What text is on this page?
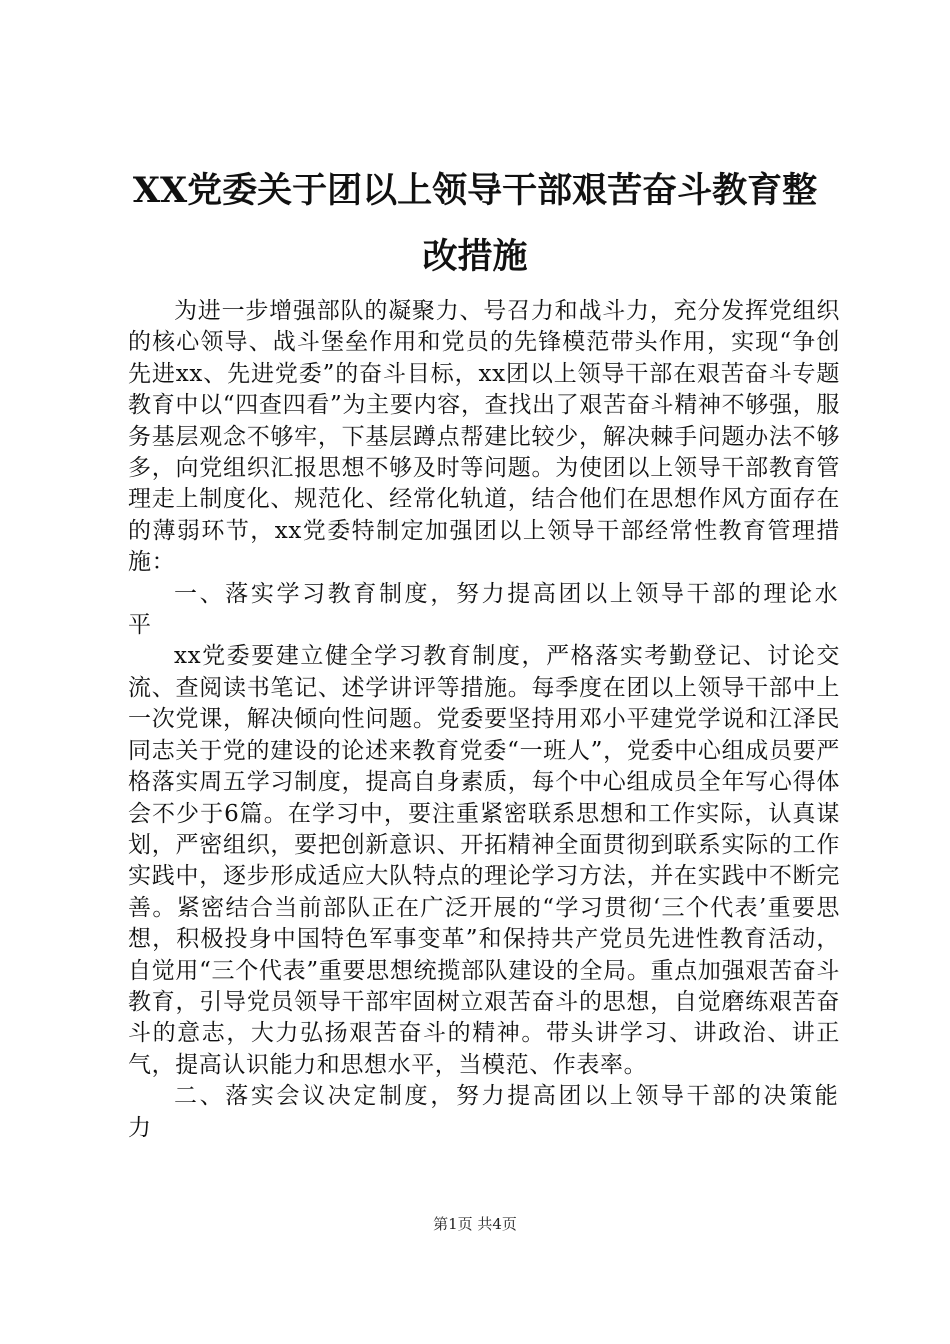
XX党委关于团以上领导干部艰苦奋斗教育整改措施

为进一步增强部队的凝聚力、号召力和战斗力，充分发挥党组织的核心领导、战斗堡垒作用和党员的先锋模范带头作用，实现“争创先进xx、先进党委”的奋斗目标，xx团以上领导干部在艰苦奋斗专题教育中以“四查四看”为主要内容，查找出了艰苦奋斗精神不够强，服务基层观念不够牢，下基层蹲点帮建比较少，解决棘手问题办法不够多，向党组织汇报思想不够及时等问题。为使团以上领导干部教育管理走上制度化、规范化、经常化轨道，结合他们在思想作风方面存在的薄弱环节，xx党委特制定加强团以上领导干部经常性教育管理措施：

一、落实学习教育制度，努力提高团以上领导干部的理论水平

xx党委要建立健全学习教育制度，严格落实考勤登记、讨论交流、查阅读书笔记、述学讲评等措施。每季度在团以上领导干部中上一次党课，解决倾向性问题。党委要坚持用邓小平建党学说和江泽民同志关于党的建设的论述来教育党委“一班人”，党委中心组成员要严格落实周五学习制度，提高自身素质，每个中心组成员全年写心得体会不少于6篇。在学习中，要注重紧密联系思想和工作实际，认真谋划，严密组织，要把创新意识、开拓精神全面贯彻到联系实际的工作实践中，逐步形成适应大队特点的理论学习方法，并在实践中不断完善。紧密结合当前部队正在广泛开展的“学习贯彻‘三个代表’重要思想，积极投身中国特色军事变革”和保持共产党员先进性教育活动，自觉用“三个代表”重要思想统揽部队建设的全局。重点加强艰苦奋斗教育，引导党员领导干部牢固树立艰苦奋斗的思想，自觉磨练艰苦奋斗的意志，大力弘扬艰苦奋斗的精神。带头讲学习、讲政治、讲正气，提高认识能力和思想水平，当模范、作表率。

二、落实会议决定制度，努力提高团以上领导干部的决策能力

第1页 共4页
